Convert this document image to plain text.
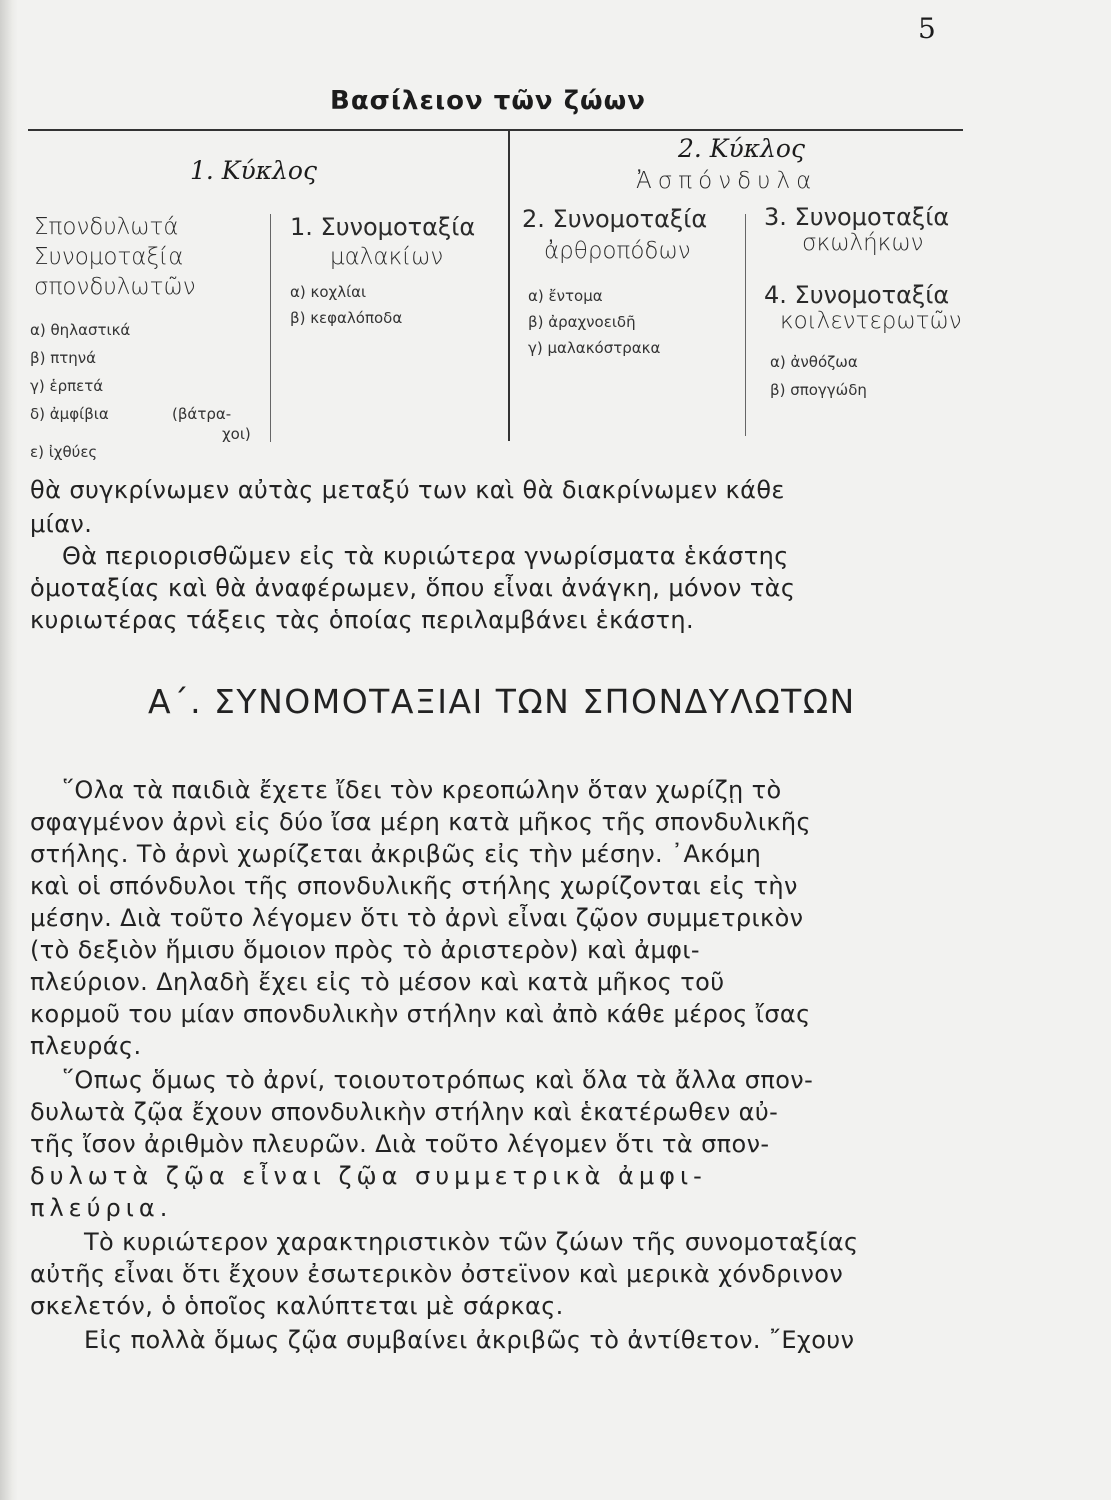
5
Βασίλειον τῶν ζώων
1. Κύκλος
Σπονδυλωτά
Συνομοταξία
σπονδυλωτῶν
α) θηλαστικά
β) πτηνά
γ) ἑρπετά
δ) ἀμφίβια	(βάτρα-
χοι)
ε) ἰχθύες
1. Συνομοταξία
μαλακίων
α) κοχλίαι
β) κεφαλόποδα
2. Κύκλος
Ἀσπόνδυλα
2. Συνομοταξία
ἀρθροπόδων
α) ἔντομα
β) ἀραχνοειδῆ
γ) μαλακόστρακα
3. Συνομοταξία
σκωλήκων
4. Συνομοταξία
κοιλεντερωτῶν
α) ἀνθόζωα
β) σπογγώδη
θὰ συγκρίνωμεν αὐτὰς μεταξύ των καὶ θὰ διακρίνωμεν κάθε
μίαν.
Θὰ περιορισθῶμεν εἰς τὰ κυριώτερα γνωρίσματα ἑκάστης
ὁμοταξίας καὶ θὰ ἀναφέρωμεν, ὅπου εἶναι ἀνάγκη, μόνον τὰς
κυριωτέρας τάξεις τὰς ὁποίας περιλαμβάνει ἑκάστη.
Α΄. ΣΥΝΟΜΟΤΑΞΙΑΙ ΤΩΝ ΣΠΟΝΔΥΛΩΤΩΝ
῞Ολα τὰ παιδιὰ ἔχετε ἴδει τὸν κρεοπώλην ὅταν χωρίζῃ τὸ
σφαγμένον ἀρνὶ εἰς δύο ἴσα μέρη κατὰ μῆκος τῆς σπονδυλικῆς
στήλης. Τὸ ἀρνὶ χωρίζεται ἀκριβῶς εἰς τὴν μέσην. ᾿Ακόμη
καὶ οἱ σπόνδυλοι τῆς σπονδυλικῆς στήλης χωρίζονται εἰς τὴν
μέσην. Διὰ τοῦτο λέγομεν ὅτι τὸ ἀρνὶ εἶναι ζῷον συμμετρικὸν
(τὸ δεξιὸν ἥμισυ ὅμοιον πρὸς τὸ ἀριστερὸν) καὶ ἀμφι-
πλεύριον. Δηλαδὴ ἔχει εἰς τὸ μέσον καὶ κατὰ μῆκος τοῦ
κορμοῦ του μίαν σπονδυλικὴν στήλην καὶ ἀπὸ κάθε μέρος ἴσας
πλευράς.
῞Οπως ὅμως τὸ ἀρνί, τοιουτοτρόπως καὶ ὅλα τὰ ἄλλα σπον-
δυλωτὰ ζῷα ἔχουν σπονδυλικὴν στήλην καὶ ἑκατέρωθεν αὐ-
τῆς ἴσον ἀριθμὸν πλευρῶν. Διὰ τοῦτο λέγομεν ὅτι τὰ σπον-
δυλωτὰ ζῷα εἶναι ζῷα συμμετρικὰ ἀμφι-
πλεύρια.
Τὸ κυριώτερον χαρακτηριστικὸν τῶν ζώων τῆς συνομοταξίας
αὐτῆς εἶναι ὅτι ἔχουν ἐσωτερικὸν ὀστεϊνον καὶ μερικὰ χόνδρινον
σκελετόν, ὁ ὁποῖος καλύπτεται μὲ σάρκας.
Εἰς πολλὰ ὅμως ζῷα συμβαίνει ἀκριβῶς τὸ ἀντίθετον. ῎Εχουν
